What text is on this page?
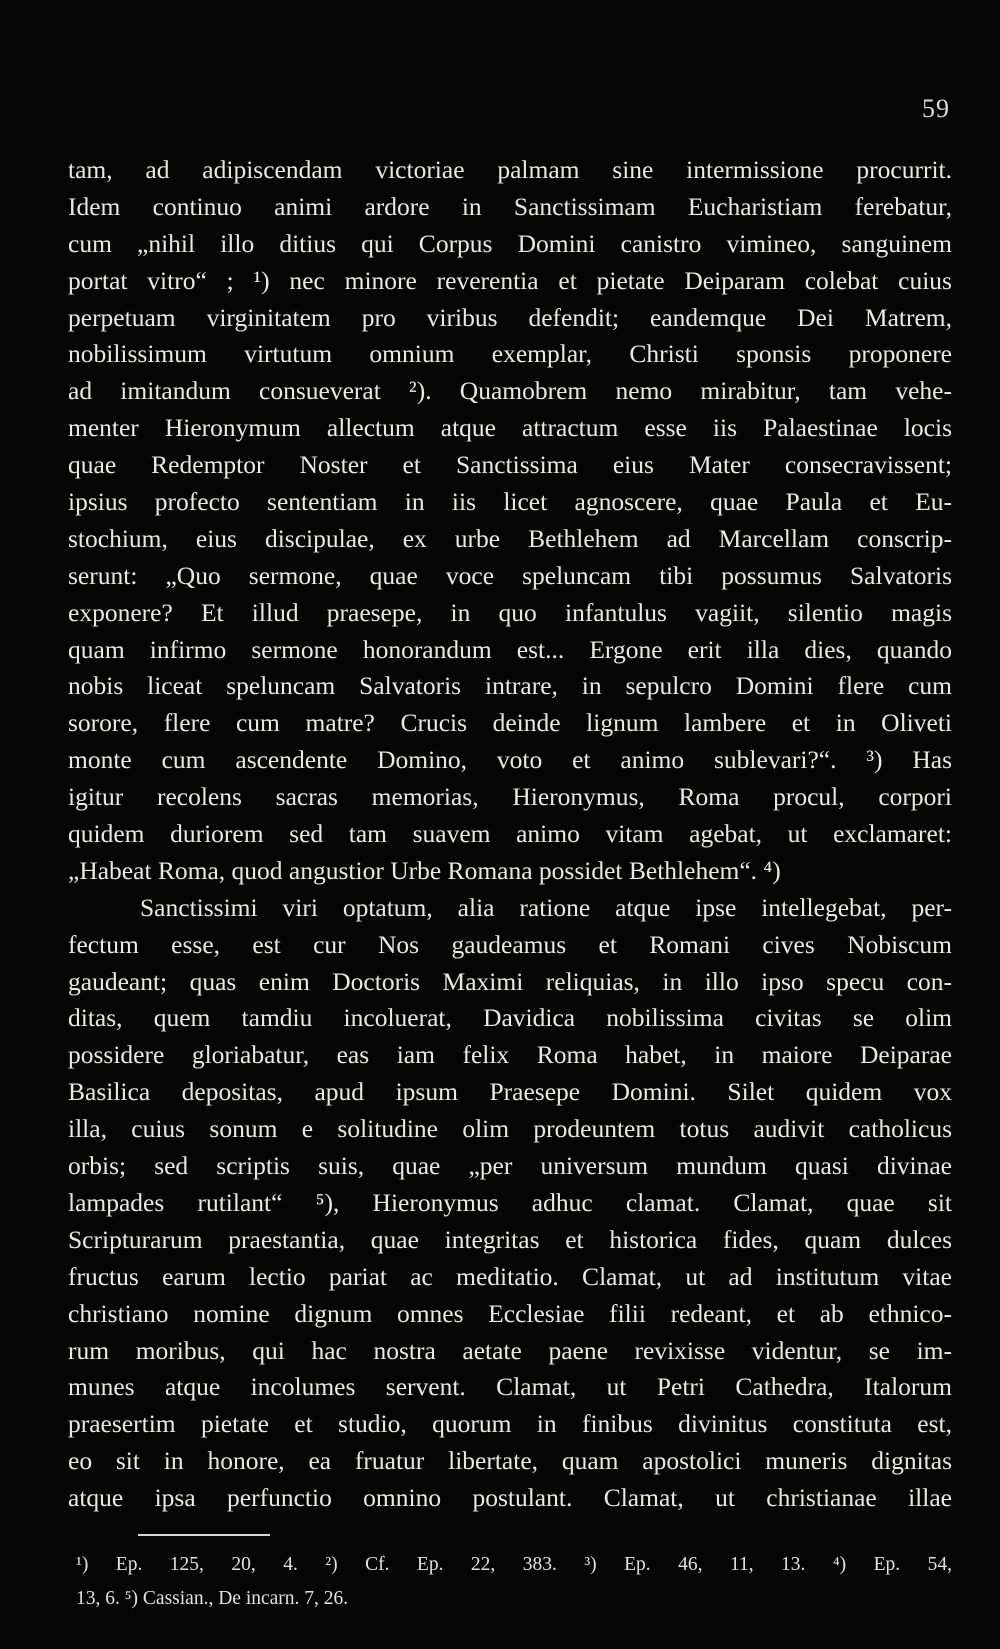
59
tam, ad adipiscendam victoriae palmam sine intermissione procurrit.
Idem continuo animi ardore in Sanctissimam Eucharistiam ferebatur,
cum „nihil illo ditius qui Corpus Domini canistro vimineo, sanguinem
portat vitro“ ; ¹) nec minore reverentia et pietate Deiparam colebat cuius
perpetuam virginitatem pro viribus defendit; eandemque Dei Matrem,
nobilissimum virtutum omnium exemplar, Christi sponsis proponere
ad imitandum consueverat ²). Quamobrem nemo mirabitur, tam vehe-
menter Hieronymum allectum atque attractum esse iis Palaestinae locis
quae Redemptor Noster et Sanctissima eius Mater consecravissent;
ipsius profecto sententiam in iis licet agnoscere, quae Paula et Eu-
stochium, eius discipulae, ex urbe Bethlehem ad Marcellam conscrip-
serunt: „Quo sermone, quae voce speluncam tibi possumus Salvatoris
exponere? Et illud praesepe, in quo infantulus vagiit, silentio magis
quam infirmo sermone honorandum est... Ergone erit illa dies, quando
nobis liceat speluncam Salvatoris intrare, in sepulcro Domini flere cum
sorore, flere cum matre? Crucis deinde lignum lambere et in Oliveti
monte cum ascendente Domino, voto et animo sublevari?“. ³) Has
igitur recolens sacras memorias, Hieronymus, Roma procul, corpori
quidem duriorem sed tam suavem animo vitam agebat, ut exclamaret:
„Habeat Roma, quod angustior Urbe Romana possidet Bethlehem“. ⁴)
Sanctissimi viri optatum, alia ratione atque ipse intellegebat, per-
fectum esse, est cur Nos gaudeamus et Romani cives Nobiscum
gaudeant; quas enim Doctoris Maximi reliquias, in illo ipso specu con-
ditas, quem tamdiu incoluerat, Davidica nobilissima civitas se olim
possidere gloriabatur, eas iam felix Roma habet, in maiore Deiparae
Basilica depositas, apud ipsum Praesepe Domini. Silet quidem vox
illa, cuius sonum e solitudine olim prodeuntem totus audivit catholicus
orbis; sed scriptis suis, quae „per universum mundum quasi divinae
lampades rutilant“ ⁵), Hieronymus adhuc clamat. Clamat, quae sit
Scripturarum praestantia, quae integritas et historica fides, quam dulces
fructus earum lectio pariat ac meditatio. Clamat, ut ad institutum vitae
christiano nomine dignum omnes Ecclesiae filii redeant, et ab ethnico-
rum moribus, qui hac nostra aetate paene revixisse videntur, se im-
munes atque incolumes servent. Clamat, ut Petri Cathedra, Italorum
praesertim pietate et studio, quorum in finibus divinitus constituta est,
eo sit in honore, ea fruatur libertate, quam apostolici muneris dignitas
atque ipsa perfunctio omnino postulant. Clamat, ut christianae illae
¹) Ep. 125, 20, 4. ²) Cf. Ep. 22, 383. ³) Ep. 46, 11, 13. ⁴) Ep. 54,
13, 6. ⁵) Cassian., De incarn. 7, 26.
